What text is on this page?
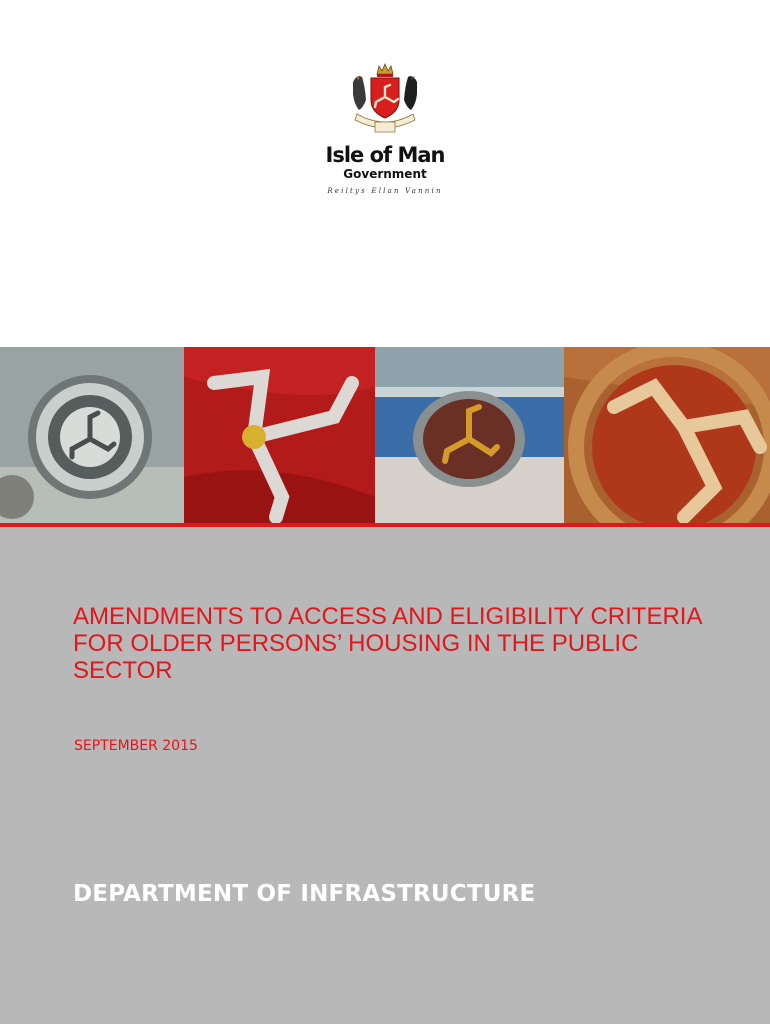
Isle of Man
Government
Reiltys Ellan Vannin
AMENDMENTS TO ACCESS AND ELIGIBILITY CRITERIA FOR OLDER PERSONS’ HOUSING IN THE PUBLIC SECTOR
SEPTEMBER 2015
DEPARTMENT OF INFRASTRUCTURE
